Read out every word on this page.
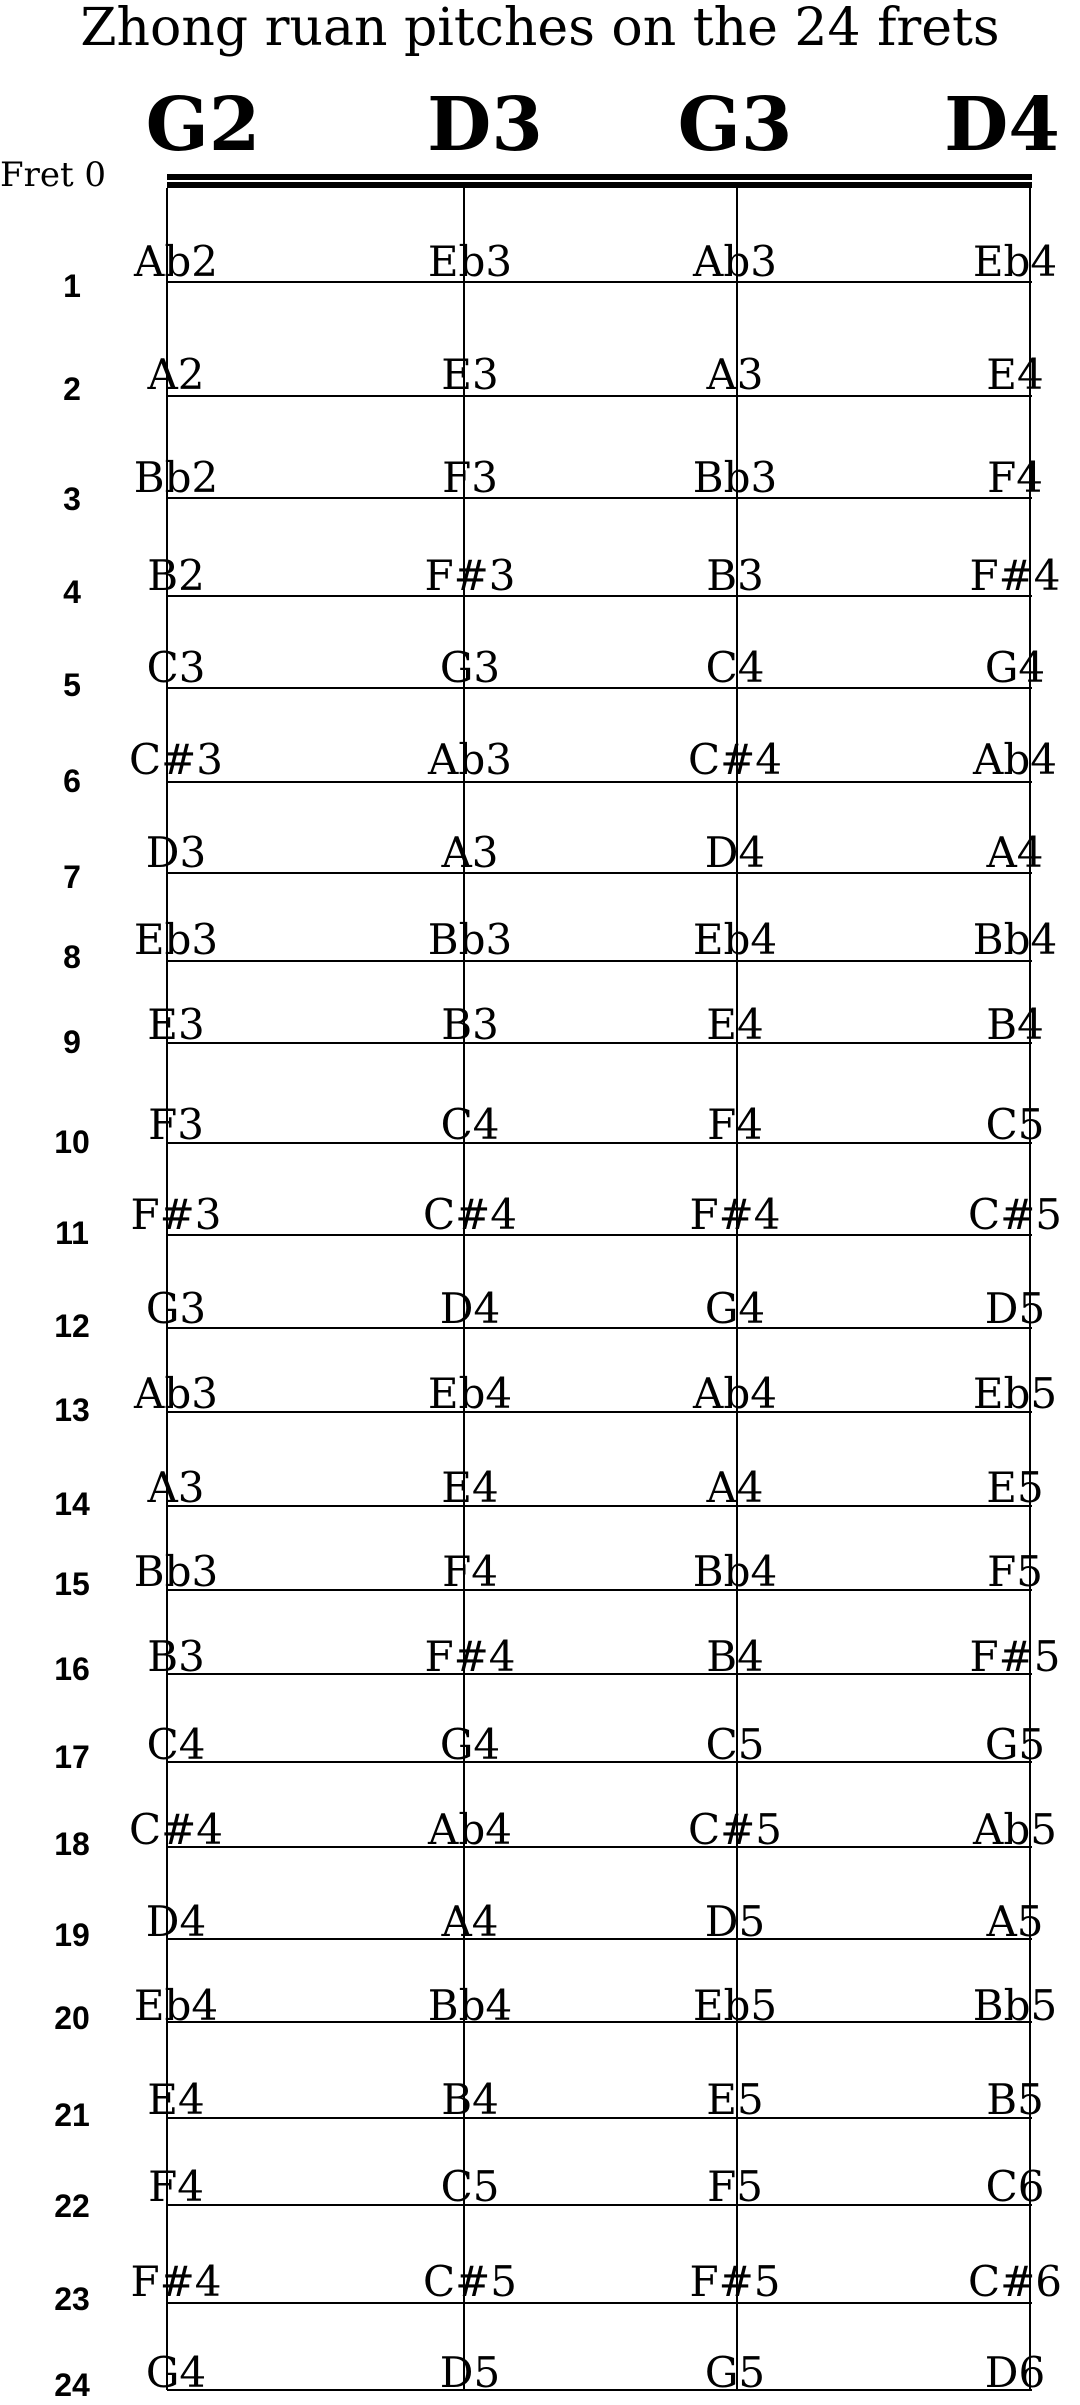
Zhong ruan pitches on the 24 frets
Fret 0
G2 D3 G3 D4
1 Ab2	Eb3	Ab3	Eb4
2 A2	E3	A3	E4
3 Bb2	F3	Bb3	F4
4 B2	F#3	B3	F#4
5 C3	G3	C4	G4
6 C#3	Ab3	C#4	Ab4
7 D3	A3	D4	A4
8 Eb3	Bb3	Eb4	Bb4
9 E3	B3	E4	B4
10 F3	C4	F4	C5
11 F#3	C#4	F#4	C#5
12 G3	D4	G4	D5
13 Ab3	Eb4	Ab4	Eb5
14 A3	E4	A4	E5
15 Bb3	F4	Bb4	F5
16 B3	F#4	B4	F#5
17 C4	G4	C5	G5
18 C#4	Ab4	C#5	Ab5
19 D4	A4	D5	A5
20 Eb4	Bb4	Eb5	Bb5
21 E4	B4	E5	B5
22 F4	C5	F5	C6
23 F#4	C#5	F#5	C#6
24 G4	D5	G5	D6
